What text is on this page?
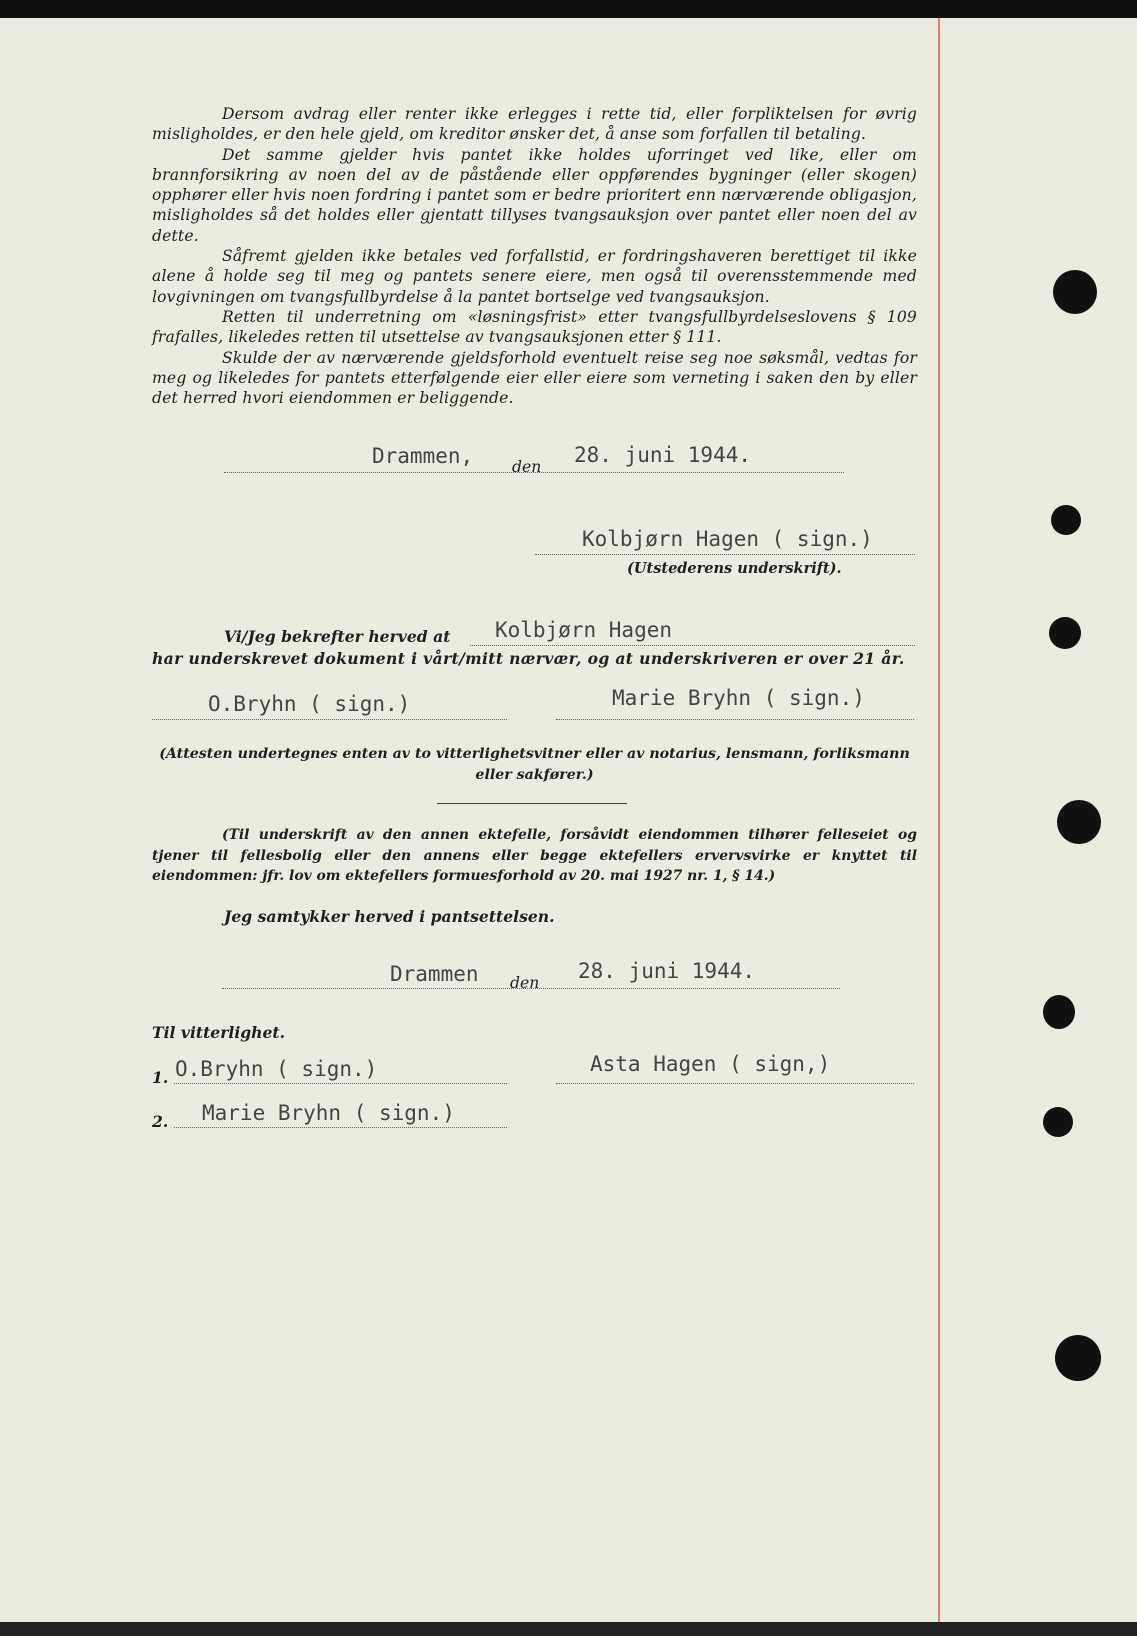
Dersom avdrag eller renter ikke erlegges i rette tid, eller forpliktelsen for øvrig misligholdes, er den hele gjeld, om kreditor ønsker det, å anse som forfallen til betaling.

Det samme gjelder hvis pantet ikke holdes uforringet ved like, eller om brannforsikring av noen del av de påstående eller oppførendes bygninger (eller skogen) opphører eller hvis noen fordring i pantet som er bedre prioritert enn nærværende obligasjon, misligholdes så det holdes eller gjentatt tillyses tvangsauksjon over pantet eller noen del av dette.

Såfremt gjelden ikke betales ved forfallstid, er fordringshaveren berettiget til ikke alene å holde seg til meg og pantets senere eiere, men også til overensstemmende med lovgivningen om tvangsfullbyrdelse å la pantet bortselge ved tvangsauksjon.

Retten til underretning om «løsningsfrist» etter tvangsfullbyrdelseslovens § 109 frafalles, likeledes retten til utsettelse av tvangsauksjonen etter § 111.

Skulde der av nærværende gjeldsforhold eventuelt reise seg noe søksmål, vedtas for meg og likeledes for pantets etterfølgende eier eller eiere som verneting i saken den by eller det herred hvori eiendommen er beliggende.

Drammen, den 28. juni 1944.
Kolbjørn Hagen ( sign.)
(Utstederens underskrift).
Vi/Jeg bekrefter herved at Kolbjørn Hagen
har underskrevet dokument i vårt/mitt nærvær, og at underskriveren er over 21 år.
O.Bryhn ( sign.)	Marie Bryhn ( sign.)
(Attesten undertegnes enten av to vitterlighetsvitner eller av notarius, lensmann, forliksmann eller sakfører.)
(Til underskrift av den annen ektefelle, forsåvidt eiendommen tilhører felleseiet og tjener til fellesbolig eller den annens eller begge ektefellers ervervsvirke er knyttet til eiendommen: jfr. lov om ektefellers formuesforhold av 20. mai 1927 nr. 1, § 14.)
Jeg samtykker herved i pantsettelsen.
Drammen den 28. juni 1944.
Til vitterlighet.
1. O.Bryhn ( sign.)	Asta Hagen ( sign,)
2. Marie Bryhn ( sign.)
